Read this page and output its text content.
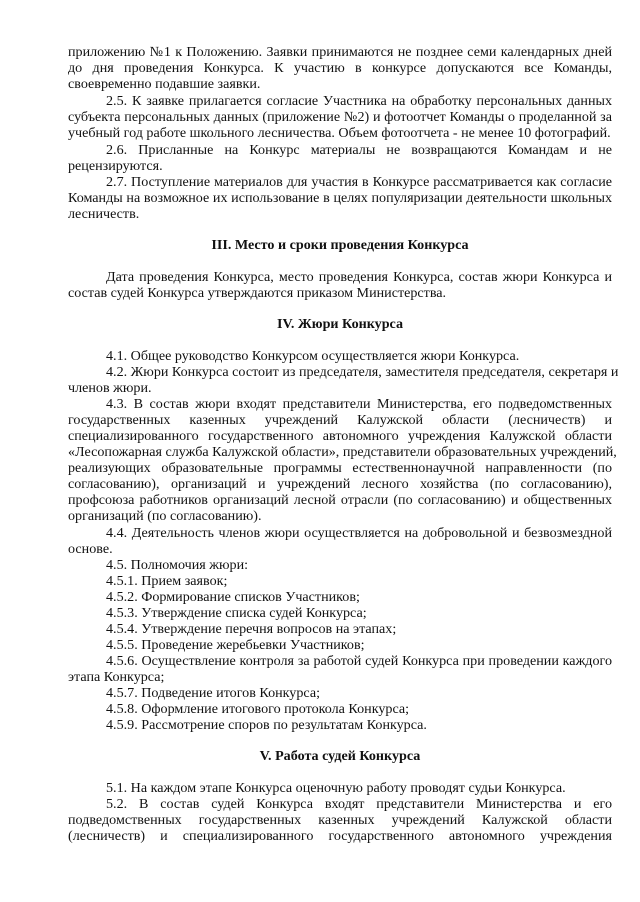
приложению №1 к Положению. Заявки принимаются не позднее семи календарных дней
до дня проведения Конкурса. К участию в конкурсе допускаются все Команды,
своевременно подавшие заявки.
2.5. К заявке прилагается согласие Участника на обработку персональных данных
субъекта персональных данных (приложение №2) и фотоотчет Команды о проделанной за
учебный год работе школьного лесничества. Объем фотоотчета - не менее 10 фотографий.
2.6. Присланные на Конкурс материалы не возвращаются Командам и не
рецензируются.
2.7. Поступление материалов для участия в Конкурсе рассматривается как согласие
Команды на возможное их использование в целях популяризации деятельности школьных
лесничеств.
III. Место и сроки проведения Конкурса
Дата проведения Конкурса, место проведения Конкурса, состав жюри Конкурса и
состав судей Конкурса утверждаются приказом Министерства.
IV. Жюри Конкурса
4.1. Общее руководство Конкурсом осуществляется жюри Конкурса.
4.2. Жюри Конкурса состоит из председателя, заместителя председателя, секретаря и
членов жюри.
4.3. В состав жюри входят представители Министерства, его подведомственных
государственных казенных учреждений Калужской области (лесничеств) и
специализированного государственного автономного учреждения Калужской области
«Лесопожарная служба Калужской области», представители образовательных учреждений,
реализующих образовательные программы естественнонаучной направленности (по
согласованию), организаций и учреждений лесного хозяйства (по согласованию),
профсоюза работников организаций лесной отрасли (по согласованию) и общественных
организаций (по согласованию).
4.4. Деятельность членов жюри осуществляется на добровольной и безвозмездной
основе.
4.5. Полномочия жюри:
4.5.1. Прием заявок;
4.5.2. Формирование списков Участников;
4.5.3. Утверждение списка судей Конкурса;
4.5.4. Утверждение перечня вопросов на этапах;
4.5.5. Проведение жеребьевки Участников;
4.5.6. Осуществление контроля за работой судей Конкурса при проведении каждого
этапа Конкурса;
4.5.7. Подведение итогов Конкурса;
4.5.8. Оформление итогового протокола Конкурса;
4.5.9. Рассмотрение споров по результатам Конкурса.
V. Работа судей Конкурса
5.1. На каждом этапе Конкурса оценочную работу проводят судьи Конкурса.
5.2. В состав судей Конкурса входят представители Министерства и его
подведомственных государственных казенных учреждений Калужской области
(лесничеств) и специализированного государственного автономного учреждения
